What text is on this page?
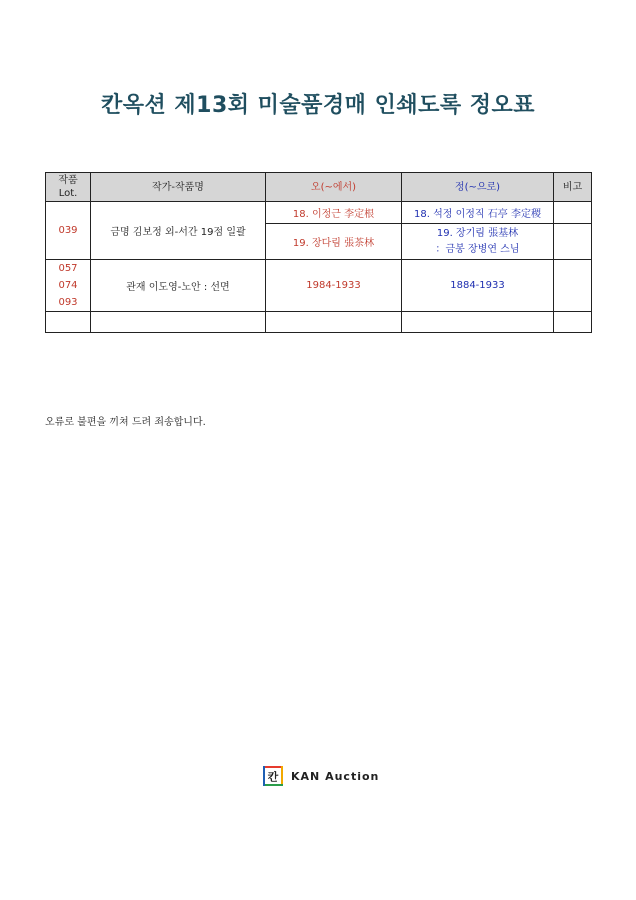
칸옥션 제13회 미술품경매 인쇄도록 정오표
작품
Lot.	작가-작품명	오(~에서)	정(~으로)	비고
039	금명 김보정 외-서간 19점 일괄	18. 이정근 李定根	18. 석정 이정직 石亭 李定稷	
		19. 장다림 張茶林	19. 장기림 張基林
：금봉 장병연 스님	

057
074
093	관재 이도영-노안 : 선면	1984-1933	1884-1933	

오류로 불편을 끼쳐 드려 죄송합니다.
칸 KAN Auction
